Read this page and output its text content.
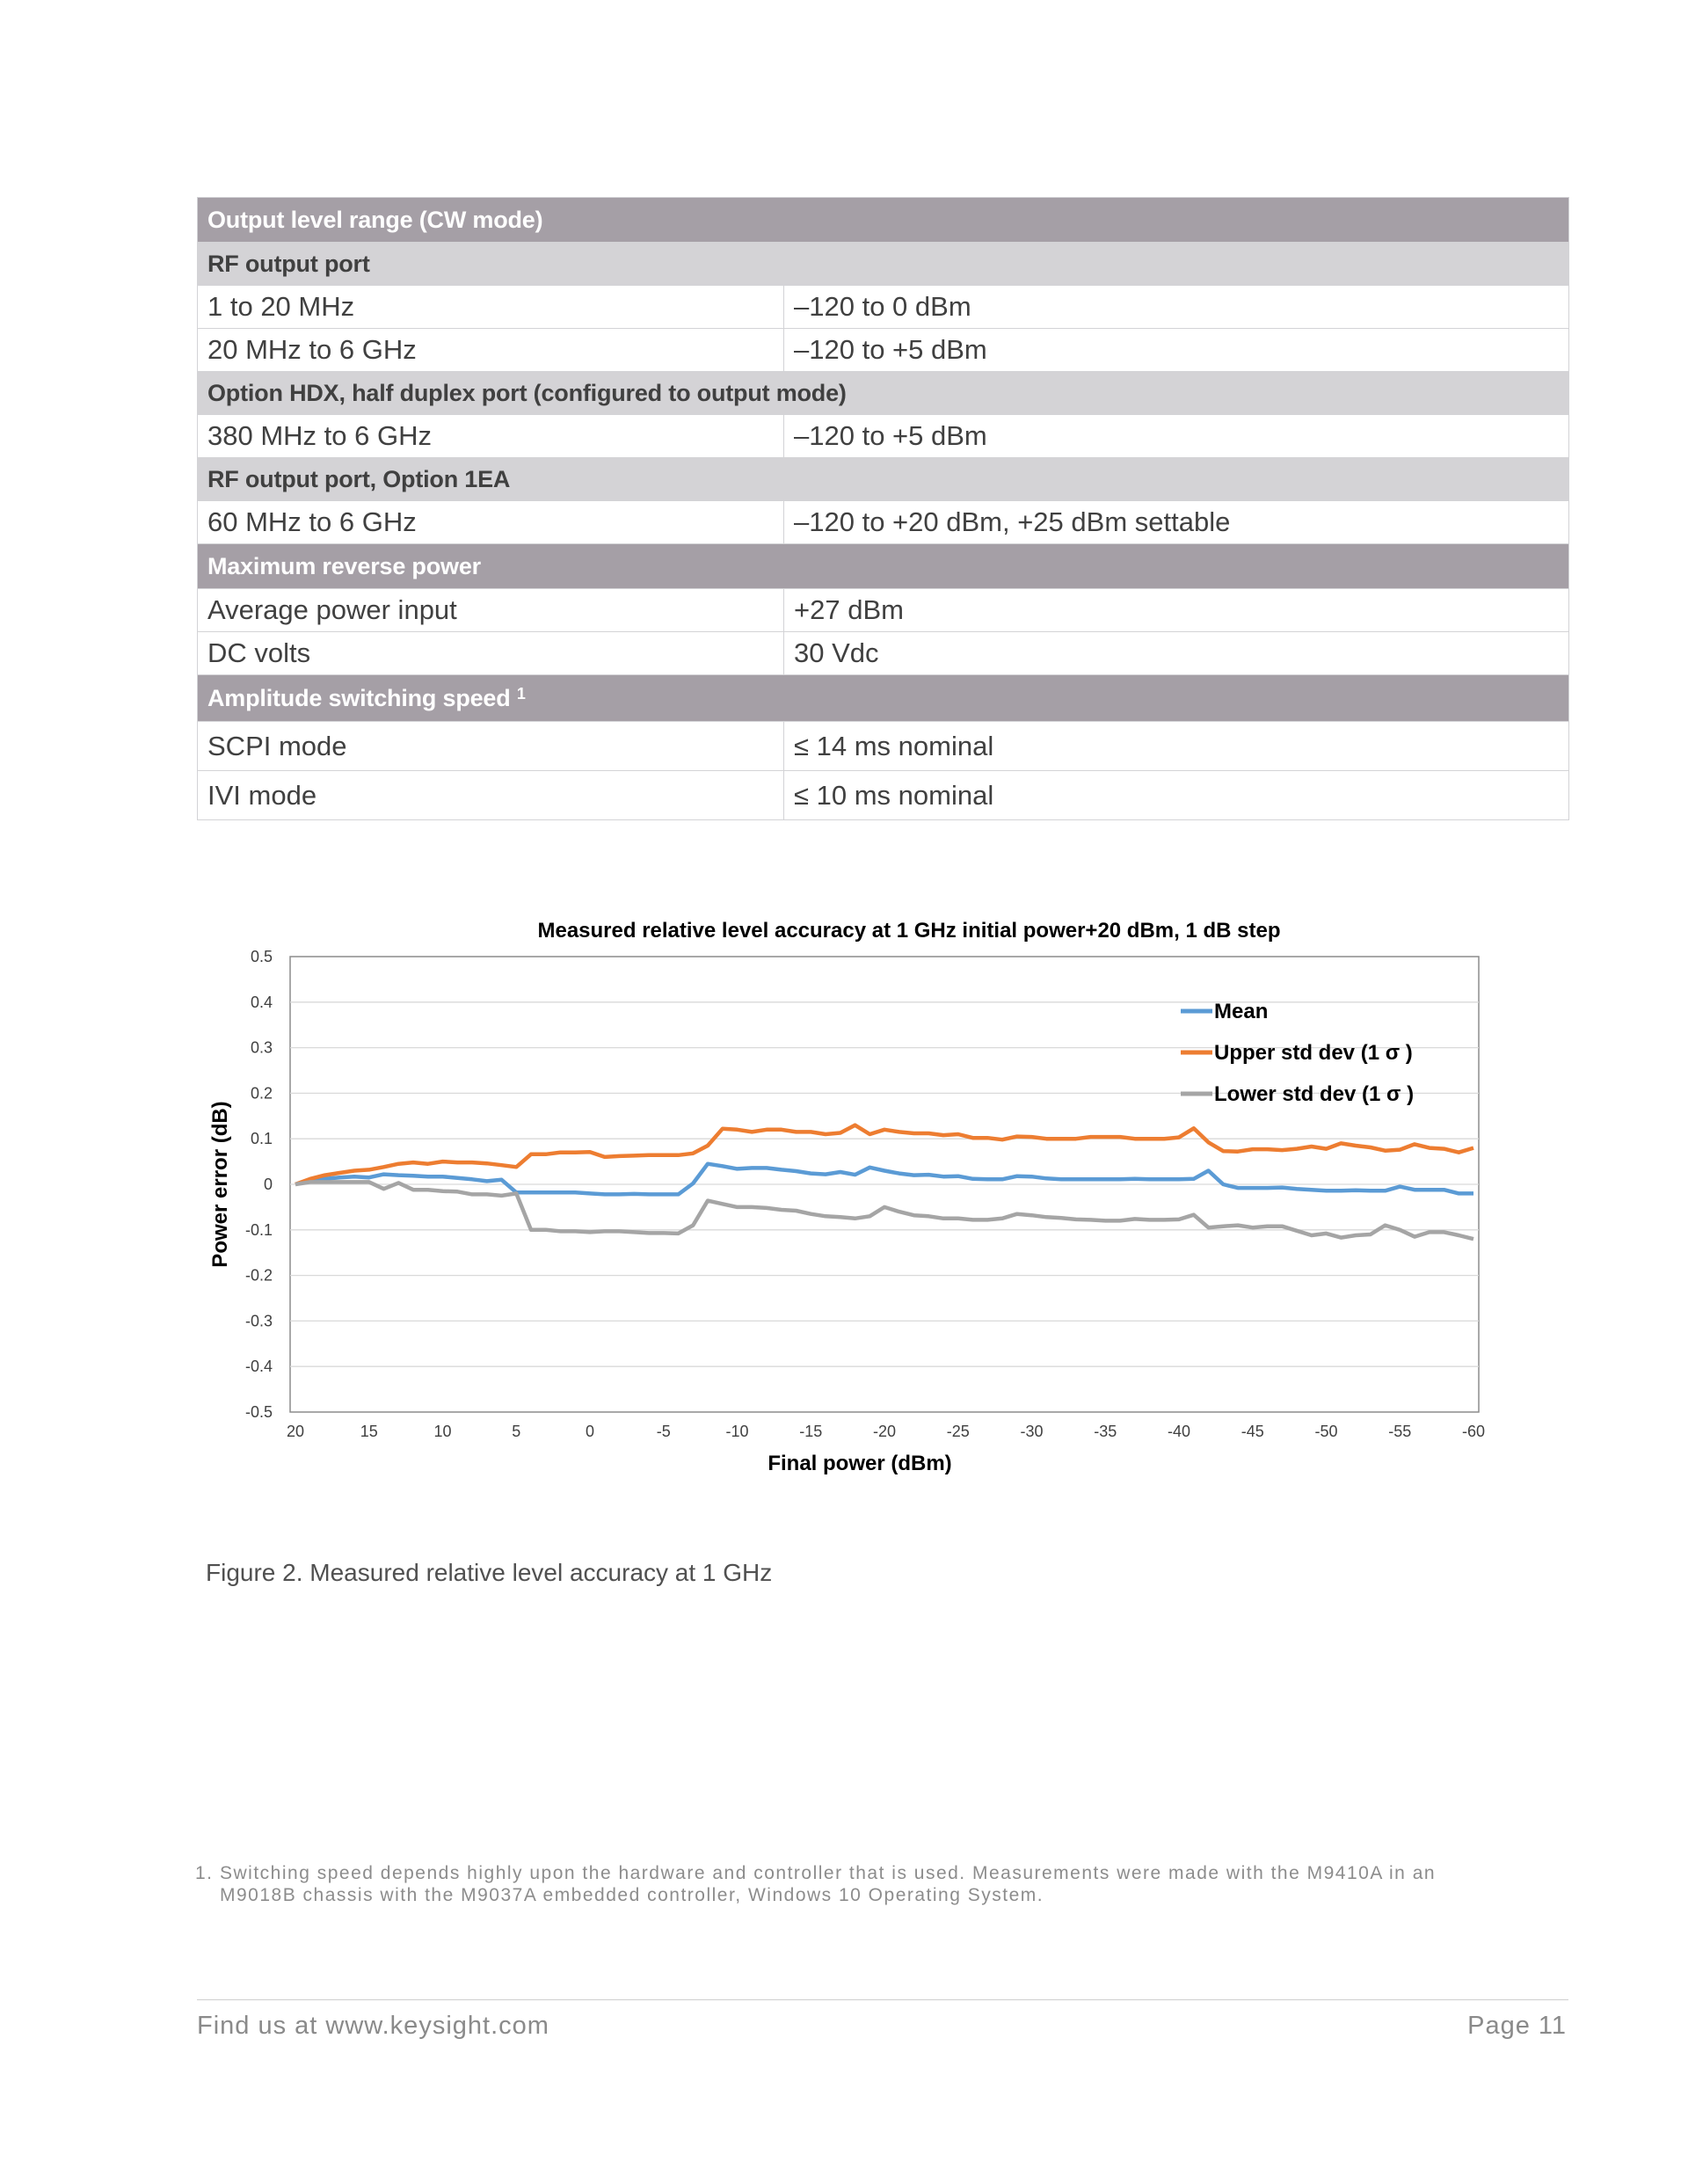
Output level range (CW mode)	
RF output port	
1 to 20 MHz	–120 to 0 dBm
20 MHz to 6 GHz	–120 to +5 dBm
Option HDX, half duplex port (configured to output mode)	
380 MHz to 6 GHz	–120 to +5 dBm
RF output port, Option 1EA	
60 MHz to 6 GHz	–120 to +20 dBm, +25 dBm settable
Maximum reverse power	
Average power input	+27 dBm
DC volts	30 Vdc
Amplitude switching speed $^1$
SCPI mode	≤ 14 ms nominal
IVI mode	≤ 10 ms nominal
Measured relative level accuracy at 1 GHz initial power+20 dBm, 1 dB step
0.5
0.4
0.3
0.2
0.1
0
-0.1
-0.2
-0.3
-0.4
-0.5
20	15	10	5	0	-5	-10	-15	-20	-25	-30	-35	-40	-45	-50	-55	-60
Mean
Upper std dev (1 σ )
Lower std dev (1 σ )
Final power (dBm)
Power error (dB)
Figure 2. Measured relative level accuracy at 1 GHz
1. Switching speed depends highly upon the hardware and controller that is used. Measurements were made with the M9410A in an
M9018B chassis with the M9037A embedded controller, Windows 10 Operating System.
Find us at www.keysight.com	Page 11
